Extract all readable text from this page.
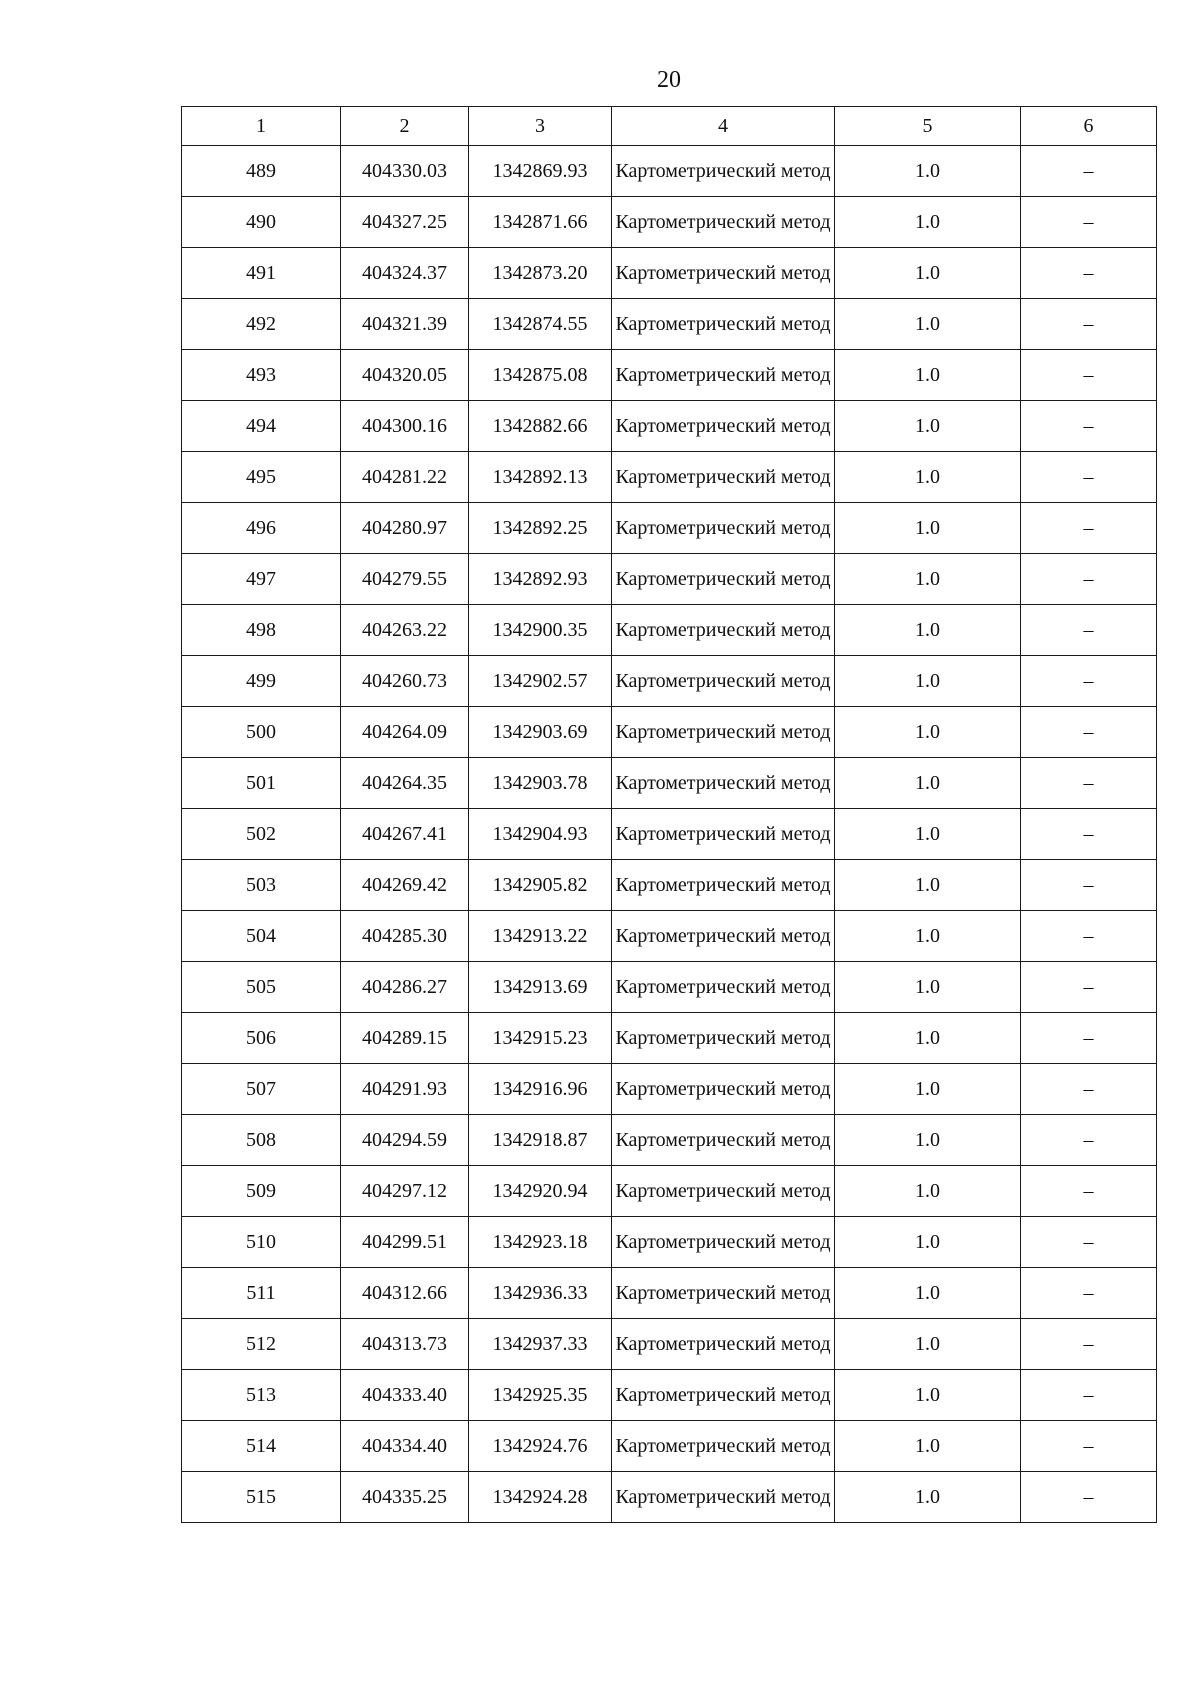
20
1	2	3	4	5	6
489	404330.03	1342869.93	Картометрический метод	1.0	–
490	404327.25	1342871.66	Картометрический метод	1.0	–
491	404324.37	1342873.20	Картометрический метод	1.0	–
492	404321.39	1342874.55	Картометрический метод	1.0	–
493	404320.05	1342875.08	Картометрический метод	1.0	–
494	404300.16	1342882.66	Картометрический метод	1.0	–
495	404281.22	1342892.13	Картометрический метод	1.0	–
496	404280.97	1342892.25	Картометрический метод	1.0	–
497	404279.55	1342892.93	Картометрический метод	1.0	–
498	404263.22	1342900.35	Картометрический метод	1.0	–
499	404260.73	1342902.57	Картометрический метод	1.0	–
500	404264.09	1342903.69	Картометрический метод	1.0	–
501	404264.35	1342903.78	Картометрический метод	1.0	–
502	404267.41	1342904.93	Картометрический метод	1.0	–
503	404269.42	1342905.82	Картометрический метод	1.0	–
504	404285.30	1342913.22	Картометрический метод	1.0	–
505	404286.27	1342913.69	Картометрический метод	1.0	–
506	404289.15	1342915.23	Картометрический метод	1.0	–
507	404291.93	1342916.96	Картометрический метод	1.0	–
508	404294.59	1342918.87	Картометрический метод	1.0	–
509	404297.12	1342920.94	Картометрический метод	1.0	–
510	404299.51	1342923.18	Картометрический метод	1.0	–
511	404312.66	1342936.33	Картометрический метод	1.0	–
512	404313.73	1342937.33	Картометрический метод	1.0	–
513	404333.40	1342925.35	Картометрический метод	1.0	–
514	404334.40	1342924.76	Картометрический метод	1.0	–
515	404335.25	1342924.28	Картометрический метод	1.0	–
